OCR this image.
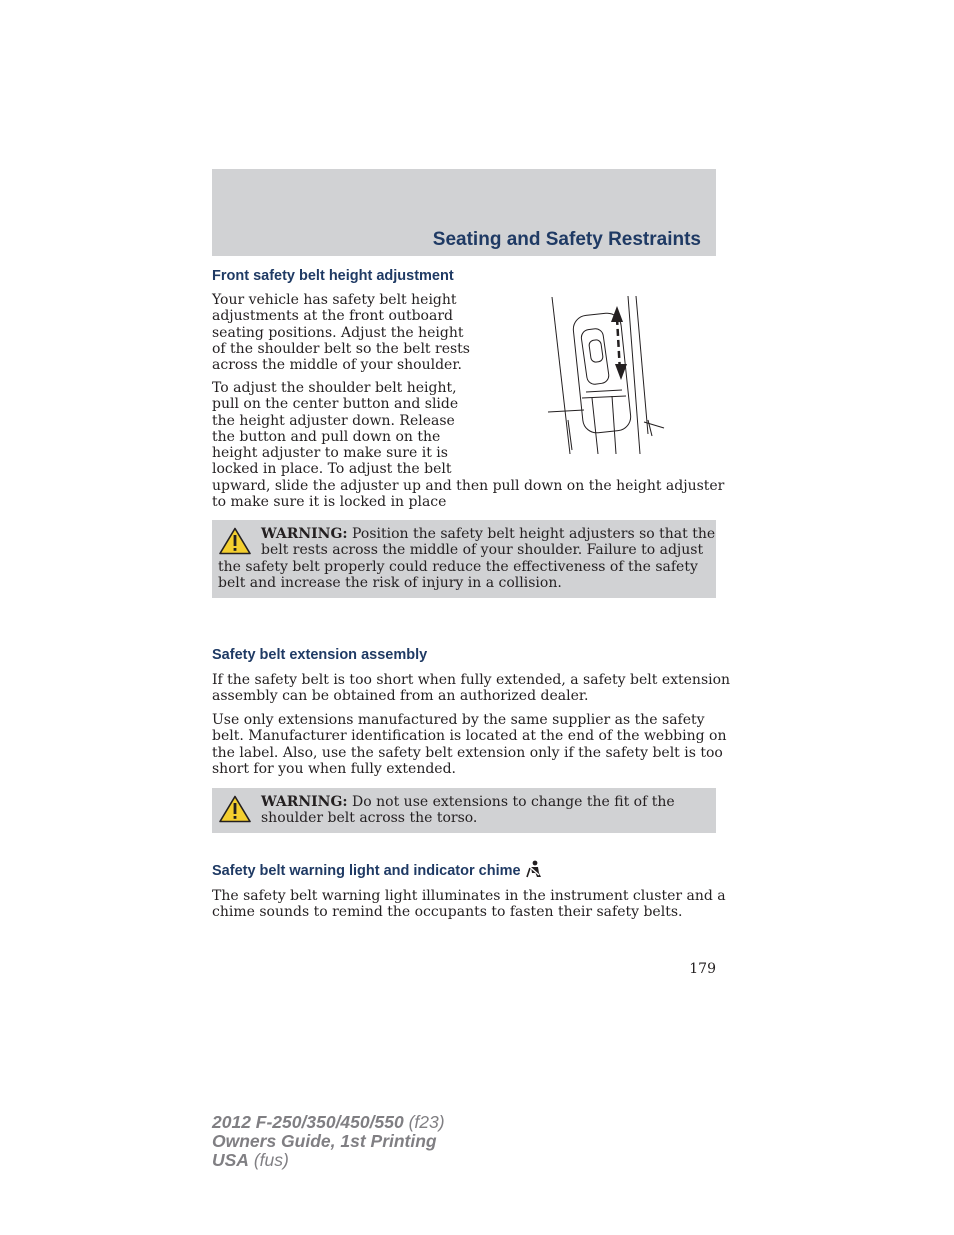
Seating and Safety Restraints
Front safety belt height adjustment
Your vehicle has safety belt height
adjustments at the front outboard
seating positions. Adjust the height
of the shoulder belt so the belt rests
across the middle of your shoulder.
To adjust the shoulder belt height,
pull on the center button and slide
the height adjuster down. Release
the button and pull down on the
height adjuster to make sure it is
locked in place. To adjust the belt
upward, slide the adjuster up and then pull down on the height adjuster
to make sure it is locked in place
WARNING: Position the safety belt height adjusters so that the
belt rests across the middle of your shoulder. Failure to adjust
the safety belt properly could reduce the effectiveness of the safety
belt and increase the risk of injury in a collision.
Safety belt extension assembly
If the safety belt is too short when fully extended, a safety belt extension
assembly can be obtained from an authorized dealer.
Use only extensions manufactured by the same supplier as the safety
belt. Manufacturer identification is located at the end of the webbing on
the label. Also, use the safety belt extension only if the safety belt is too
short for you when fully extended.
WARNING: Do not use extensions to change the fit of the
shoulder belt across the torso.
Safety belt warning light and indicator chime
The safety belt warning light illuminates in the instrument cluster and a
chime sounds to remind the occupants to fasten their safety belts.
179
2012 F-250/350/450/550 (f23)
Owners Guide, 1st Printing
USA (fus)
